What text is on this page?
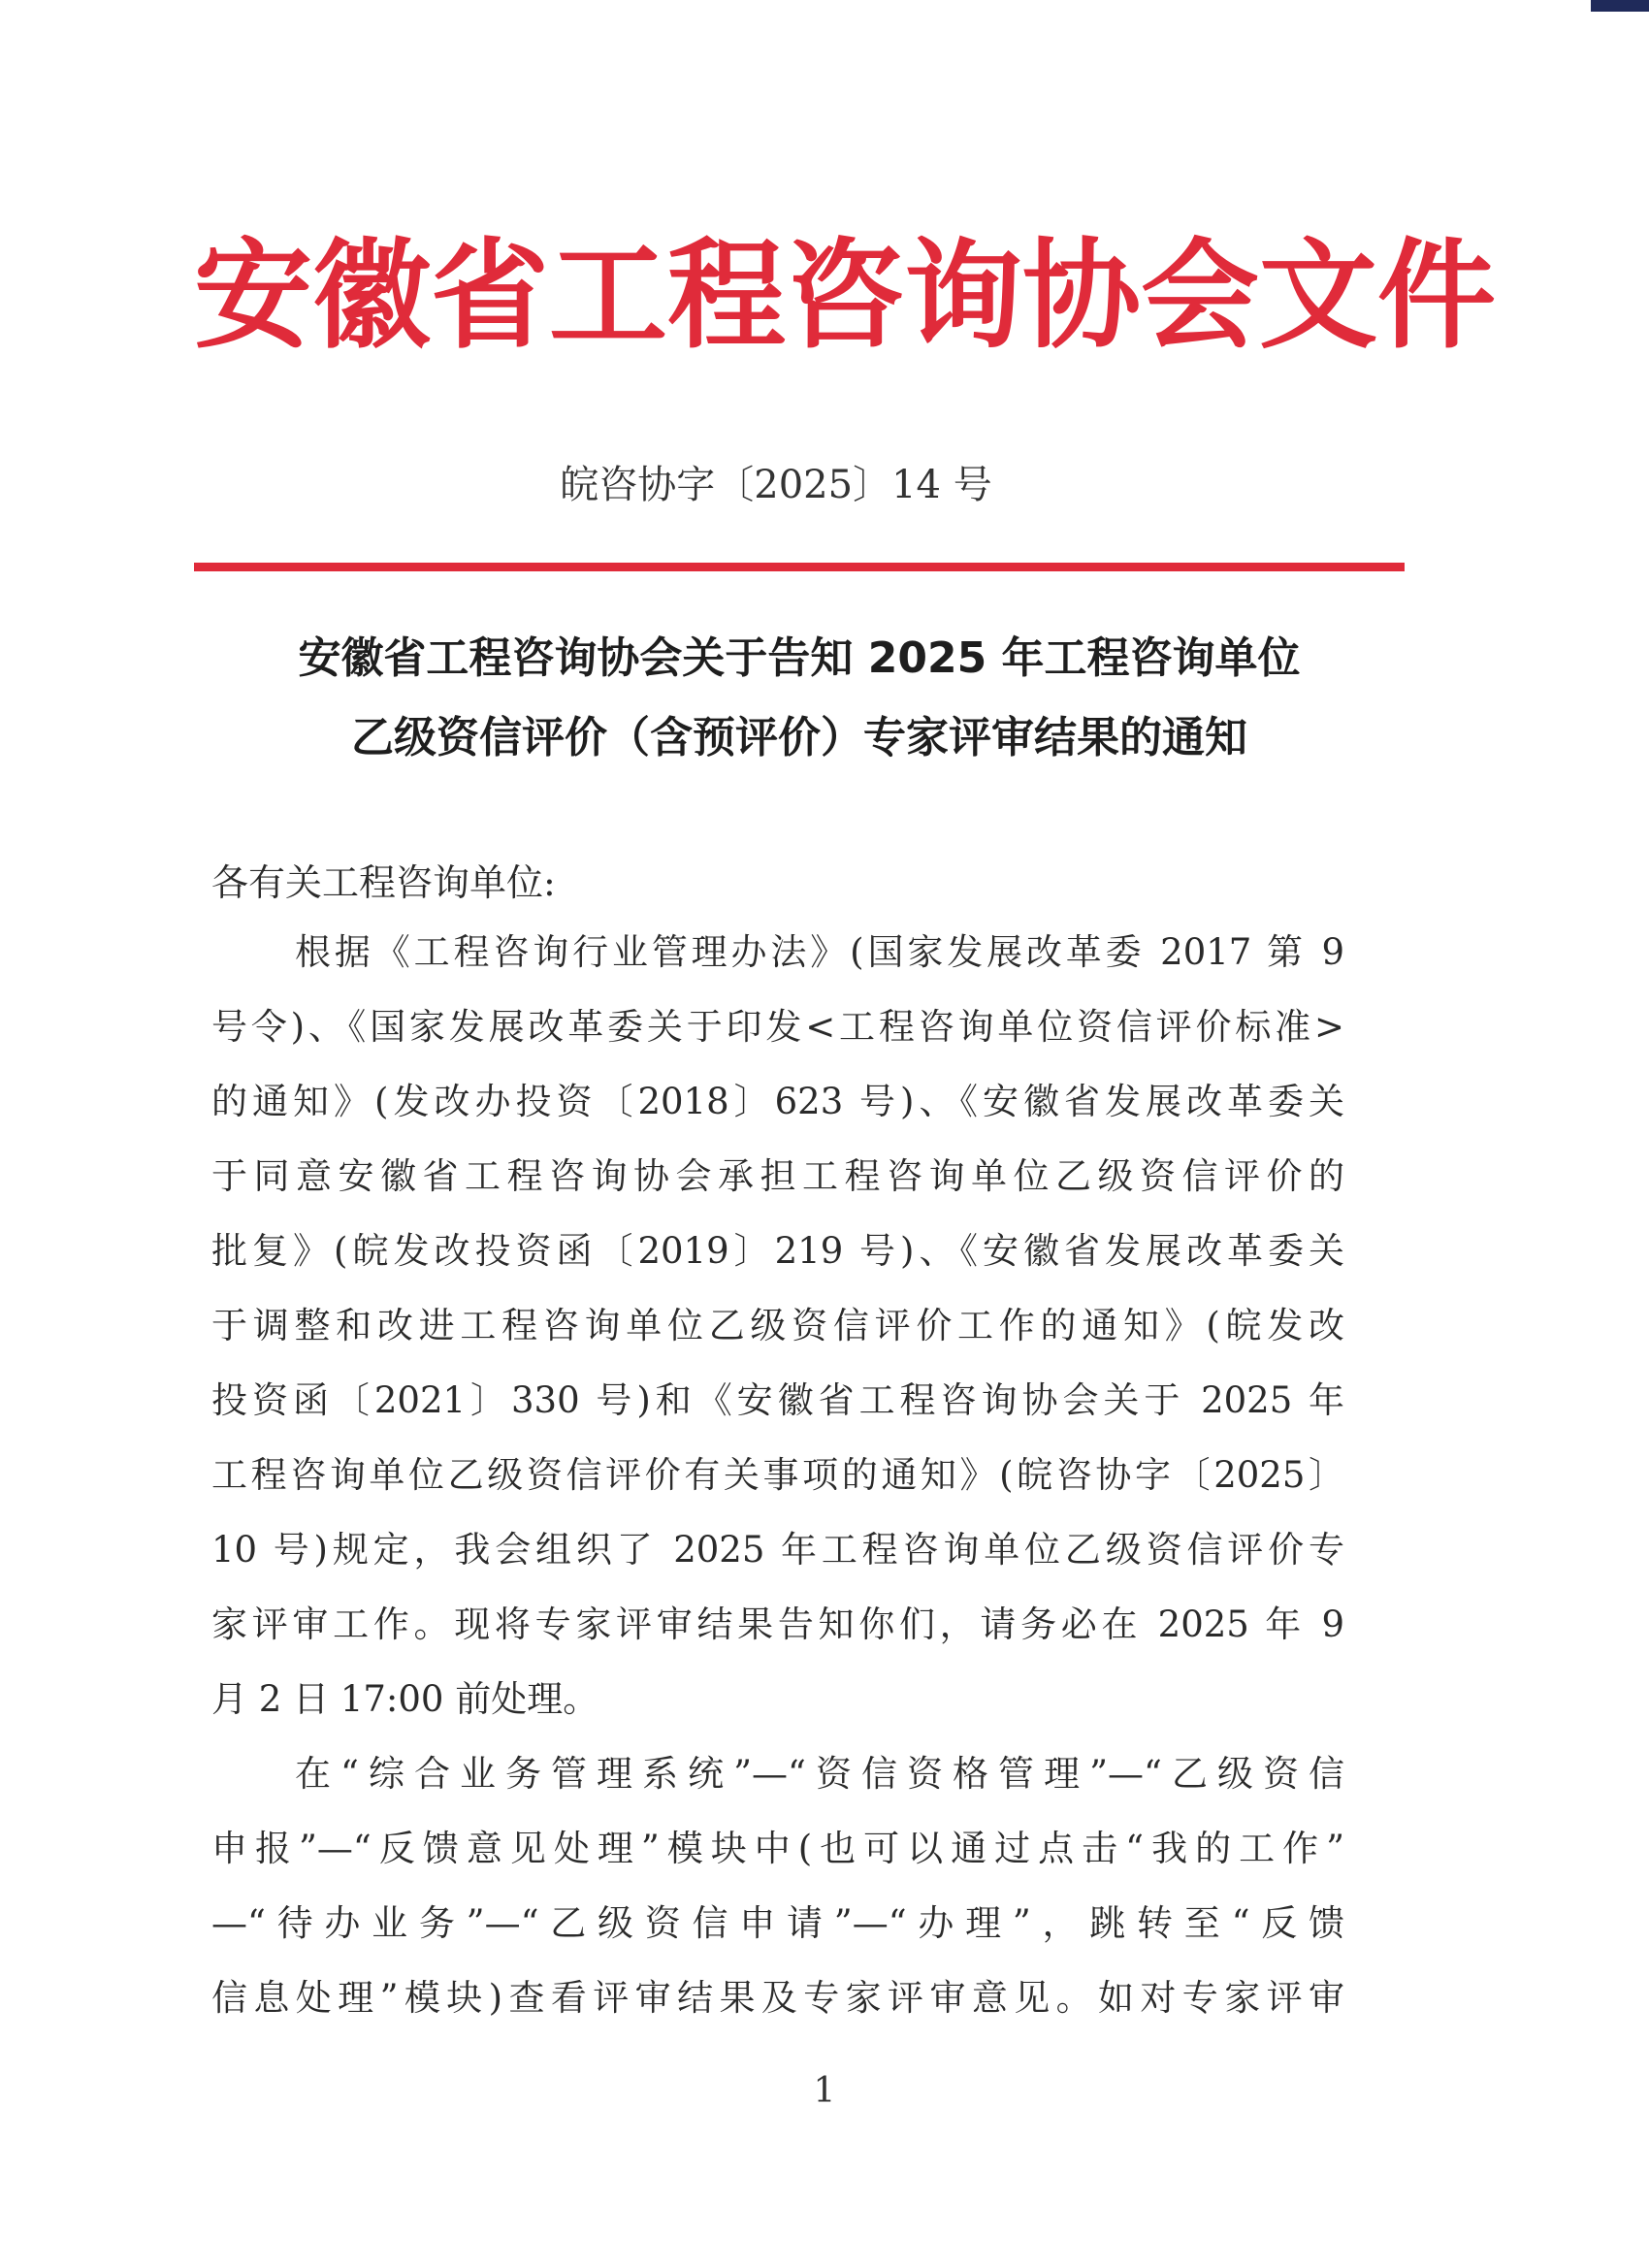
安徽省工程咨询协会文件
皖咨协字〔2025〕14 号
安徽省工程咨询协会关于告知 2025 年工程咨询单位
乙级资信评价（含预评价）专家评审结果的通知
各有关工程咨询单位:
根据《工程咨询行业管理办法》(国家发展改革委 2017 第 9
号令)、《国家发展改革委关于印发<工程咨询单位资信评价标准>
的通知》(发改办投资〔2018〕623 号)、《安徽省发展改革委关
于同意安徽省工程咨询协会承担工程咨询单位乙级资信评价的
批复》(皖发改投资函〔2019〕219 号)、《安徽省发展改革委关
于调整和改进工程咨询单位乙级资信评价工作的通知》(皖发改
投资函〔2021〕330 号)和《安徽省工程咨询协会关于 2025 年
工程咨询单位乙级资信评价有关事项的通知》(皖咨协字〔2025〕
10 号)规定，我会组织了 2025 年工程咨询单位乙级资信评价专
家评审工作。现将专家评审结果告知你们，请务必在 2025 年 9
月 2 日 17:00 前处理。
在“综合业务管理系统”—“资信资格管理”—“乙级资信
申报”—“反馈意见处理”模块中(也可以通过点击“我的工作”
—“待办业务”—“乙级资信申请”—“办理”，跳转至“反馈
信息处理”模块)查看评审结果及专家评审意见。如对专家评审
1
